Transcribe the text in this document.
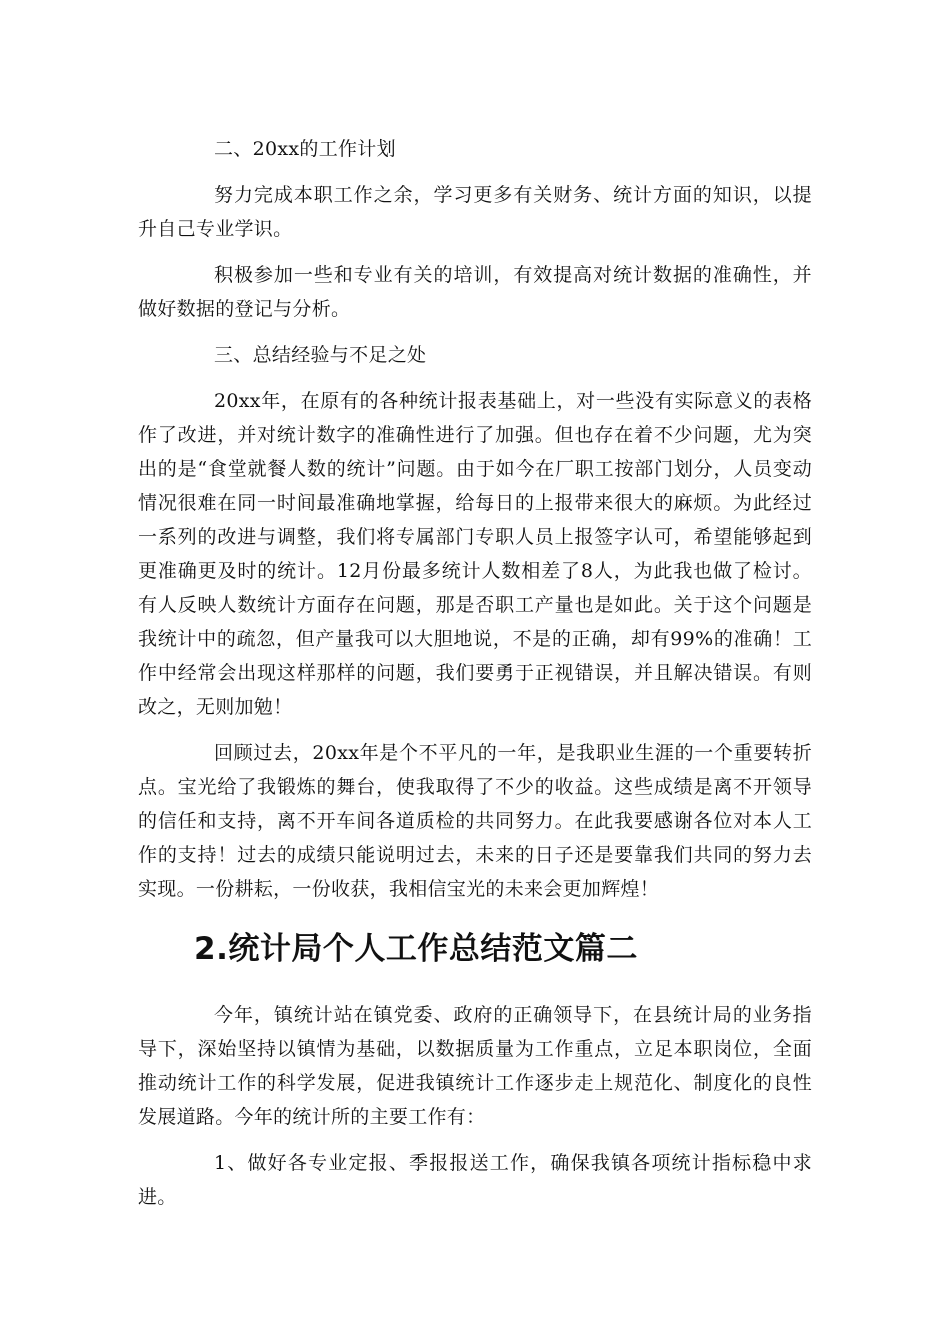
二、20xx的工作计划

努力完成本职工作之余，学习更多有关财务、统计方面的知识，以提升自己专业学识。

积极参加一些和专业有关的培训，有效提高对统计数据的准确性，并做好数据的登记与分析。

三、总结经验与不足之处

20xx年，在原有的各种统计报表基础上，对一些没有实际意义的表格作了改进，并对统计数字的准确性进行了加强。但也存在着不少问题，尤为突出的是“食堂就餐人数的统计”问题。由于如今在厂职工按部门划分，人员变动情况很难在同一时间最准确地掌握，给每日的上报带来很大的麻烦。为此经过一系列的改进与调整，我们将专属部门专职人员上报签字认可，希望能够起到更准确更及时的统计。12月份最多统计人数相差了8人，为此我也做了检讨。有人反映人数统计方面存在问题，那是否职工产量也是如此。关于这个问题是我统计中的疏忽，但产量我可以大胆地说，不是的正确，却有99%的准确！工作中经常会出现这样那样的问题，我们要勇于正视错误，并且解决错误。有则改之，无则加勉！

回顾过去，20xx年是个不平凡的一年，是我职业生涯的一个重要转折点。宝光给了我锻炼的舞台，使我取得了不少的收益。这些成绩是离不开领导的信任和支持，离不开车间各道质检的共同努力。在此我要感谢各位对本人工作的支持！过去的成绩只能说明过去，未来的日子还是要靠我们共同的努力去实现。一份耕耘，一份收获，我相信宝光的未来会更加辉煌！

2.统计局个人工作总结范文篇二

今年，镇统计站在镇党委、政府的正确领导下，在县统计局的业务指导下，深始坚持以镇情为基础，以数据质量为工作重点，立足本职岗位，全面推动统计工作的科学发展，促进我镇统计工作逐步走上规范化、制度化的良性发展道路。今年的统计所的主要工作有：

1、做好各专业定报、季报报送工作，确保我镇各项统计指标稳中求进。
